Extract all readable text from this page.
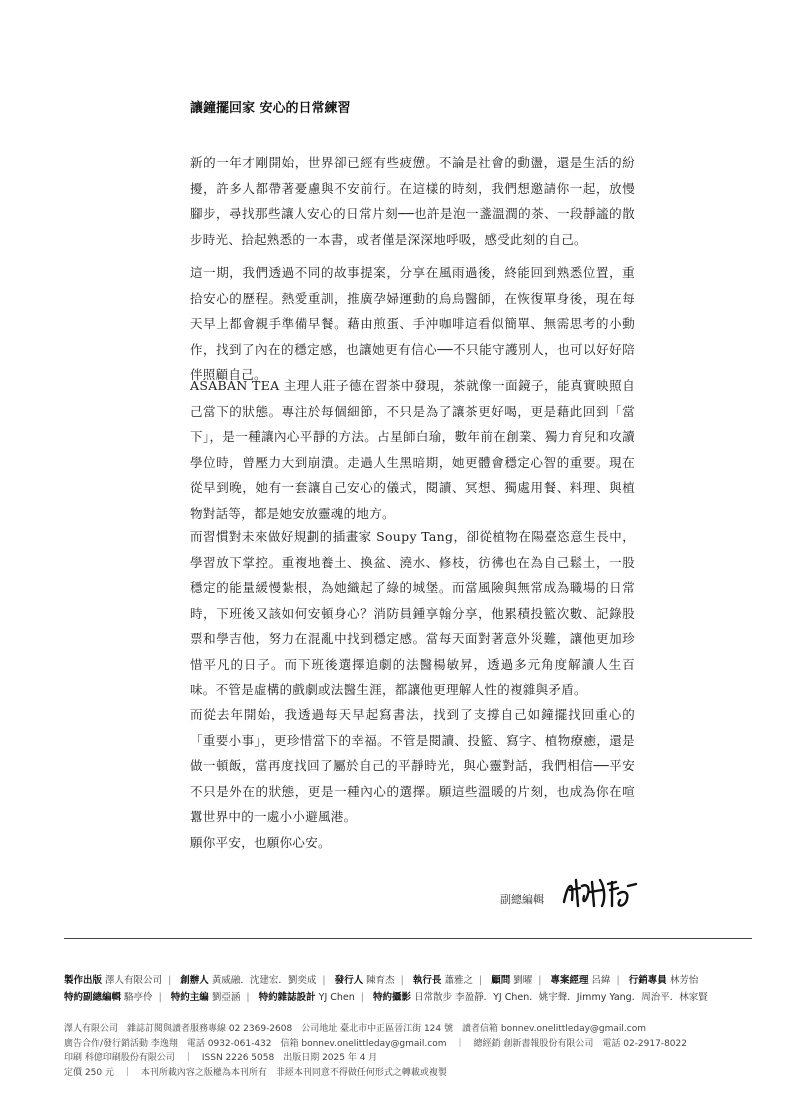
讓鐘擺回家 安心的日常練習

新的一年才剛開始，世界卻已經有些疲憊。不論是社會的動盪，還是生活的紛擾，許多人都帶著憂慮與不安前行。在這樣的時刻，我們想邀請你一起，放慢腳步，尋找那些讓人安心的日常片刻──也許是泡一盞溫潤的茶、一段靜謐的散步時光、拾起熟悉的一本書，或者僅是深深地呼吸，感受此刻的自己。

這一期，我們透過不同的故事提案，分享在風雨過後，終能回到熟悉位置，重拾安心的歷程。熱愛重訓，推廣孕婦運動的烏烏醫師，在恢復單身後，現在每天早上都會親手準備早餐。藉由煎蛋、手沖咖啡這看似簡單、無需思考的小動作，找到了內在的穩定感，也讓她更有信心──不只能守護別人，也可以好好陪伴照顧自己。

ASABAN TEA 主理人莊子德在習茶中發現，茶就像一面鏡子，能真實映照自己當下的狀態。專注於每個細節，不只是為了讓茶更好喝，更是藉此回到「當下」，是一種讓內心平靜的方法。占星師白瑜，數年前在創業、獨力育兒和攻讀學位時，曾壓力大到崩潰。走過人生黑暗期，她更體會穩定心智的重要。現在從早到晚，她有一套讓自己安心的儀式，閱讀、冥想、獨處用餐、料理、與植物對話等，都是她安放靈魂的地方。

而習慣對未來做好規劃的插畫家 Soupy Tang，卻從植物在陽臺恣意生長中，學習放下掌控。重複地養土、換盆、澆水、修枝，彷彿也在為自己鬆土，一股穩定的能量緩慢紮根，為她織起了綠的城堡。而當風險與無常成為職場的日常時，下班後又該如何安頓身心？消防員鍾享翰分享，他累積投籃次數、記錄股票和學吉他，努力在混亂中找到穩定感。當每天面對著意外災難，讓他更加珍惜平凡的日子。而下班後選擇追劇的法醫楊敏昇，透過多元角度解讀人生百味。不管是虛構的戲劇或法醫生涯，都讓他更理解人性的複雜與矛盾。

而從去年開始，我透過每天早起寫書法，找到了支撐自己如鐘擺找回重心的「重要小事」，更珍惜當下的幸福。不管是閱讀、投籃、寫字、植物療癒，還是做一頓飯，當再度找回了屬於自己的平靜時光，與心靈對話，我們相信──平安不只是外在的狀態，更是一種內心的選擇。願這些溫暖的片刻，也成為你在喧囂世界中的一處小小避風港。

願你平安，也願你心安。

副總編輯
製作出版 澤人有限公司 | 創辦人 黃威融．沈建宏．劉奕成 | 發行人 陳育杰 | 執行長 蕭雅之 | 顧問 劉曜 | 專案經理 呂緯 | 行銷專員 林芳怡
特約副總編輯 駱亭伶 | 特約主編 劉亞涵 | 特約雜誌設計 YJ Chen | 特約攝影 日常散步 李盈靜．YJ Chen．姚宇聲．Jimmy Yang．周治平．林家賢
澤人有限公司　雜誌訂閱與讀者服務專線 02 2369-2608　公司地址 臺北市中正區晉江街 124 號　讀者信箱 bonnev.onelittleday@gmail.com
廣告合作/發行銷活動 李逸翔　電話 0932-061-432　信箱 bonnev.onelittleday@gmail.com　｜　總經銷 創新書報股份有限公司　電話 02-2917-8022
印刷 科億印刷股份有限公司　｜　ISSN 2226 5058　出版日期 2025 年 4 月
定價 250 元　｜　本刊所載內容之版權為本刊所有　非經本刊同意不得做任何形式之轉載或複製
